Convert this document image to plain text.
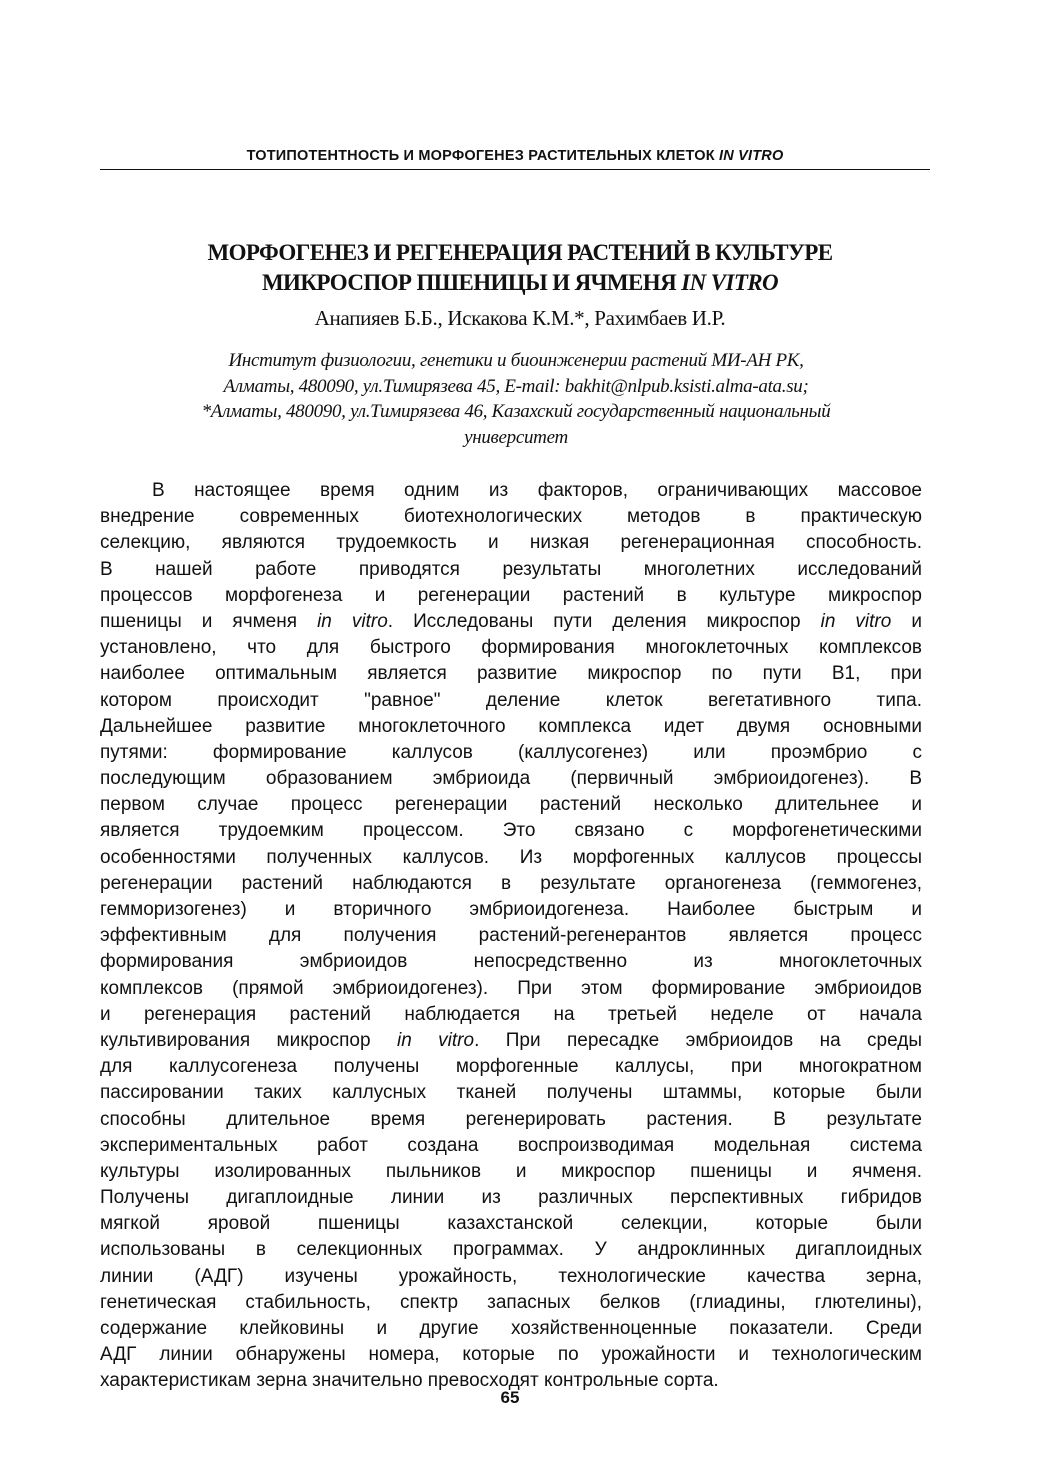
ТОТИПОТЕНТНОСТЬ И МОРФОГЕНЕЗ РАСТИТЕЛЬНЫХ КЛЕТОК IN VITRO
МОРФОГЕНЕЗ И РЕГЕНЕРАЦИЯ РАСТЕНИЙ В КУЛЬТУРЕ
МИКРОСПОР ПШЕНИЦЫ И ЯЧМЕНЯ IN VITRO
Анапияев Б.Б., Искакова К.М.*, Рахимбаев И.Р.
Институт физиологии, генетики и биоинженерии растений МИ-АН РК,
Алматы, 480090, ул.Тимирязева 45, E-mail: bakhit@nlpub.ksisti.alma-ata.su;
*Алматы, 480090, ул.Тимирязева 46, Казахский государственный национальный
университет
В настоящее время одним из факторов, ограничивающих массовое
внедрение современных биотехнологических методов в практическую
селекцию, являются трудоемкость и низкая регенерационная способность.
В нашей работе приводятся результаты многолетних исследований
процессов морфогенеза и регенерации растений в культуре микроспор
пшеницы и ячменя in vitro. Исследованы пути деления микроспор in vitro и
установлено, что для быстрого формирования многоклеточных комплексов
наиболее оптимальным является развитие микроспор по пути B1, при
котором происходит "равное" деление клеток вегетативного типа.
Дальнейшее развитие многоклеточного комплекса идет двумя основными
путями: формирование каллусов (каллусогенез) или проэмбрио с
последующим образованием эмбриоида (первичный эмбриоидогенез). В
первом случае процесс регенерации растений несколько длительнее и
является трудоемким процессом. Это связано с морфогенетическими
особенностями полученных каллусов. Из морфогенных каллусов процессы
регенерации растений наблюдаются в результате органогенеза (геммогенез,
гемморизогенез) и вторичного эмбриоидогенеза. Наиболее быстрым и
эффективным для получения растений-регенерантов является процесс
формирования эмбриоидов непосредственно из многоклеточных
комплексов (прямой эмбриоидогенез). При этом формирование эмбриоидов
и регенерация растений наблюдается на третьей неделе от начала
культивирования микроспор in vitro. При пересадке эмбриоидов на среды
для каллусогенеза получены морфогенные каллусы, при многократном
пассировании таких каллусных тканей получены штаммы, которые были
способны длительное время регенерировать растения. В результате
экспериментальных работ создана воспроизводимая модельная система
культуры изолированных пыльников и микроспор пшеницы и ячменя.
Получены дигаплоидные линии из различных перспективных гибридов
мягкой яровой пшеницы казахстанской селекции, которые были
использованы в селекционных программах. У андроклинных дигаплоидных
линии (АДГ) изучены урожайность, технологические качества зерна,
генетическая стабильность, спектр запасных белков (глиадины, глютелины),
содержание клейковины и другие хозяйственноценные показатели. Среди
АДГ линии обнаружены номера, которые по урожайности и технологическим
характеристикам зерна значительно превосходят контрольные сорта.
65
